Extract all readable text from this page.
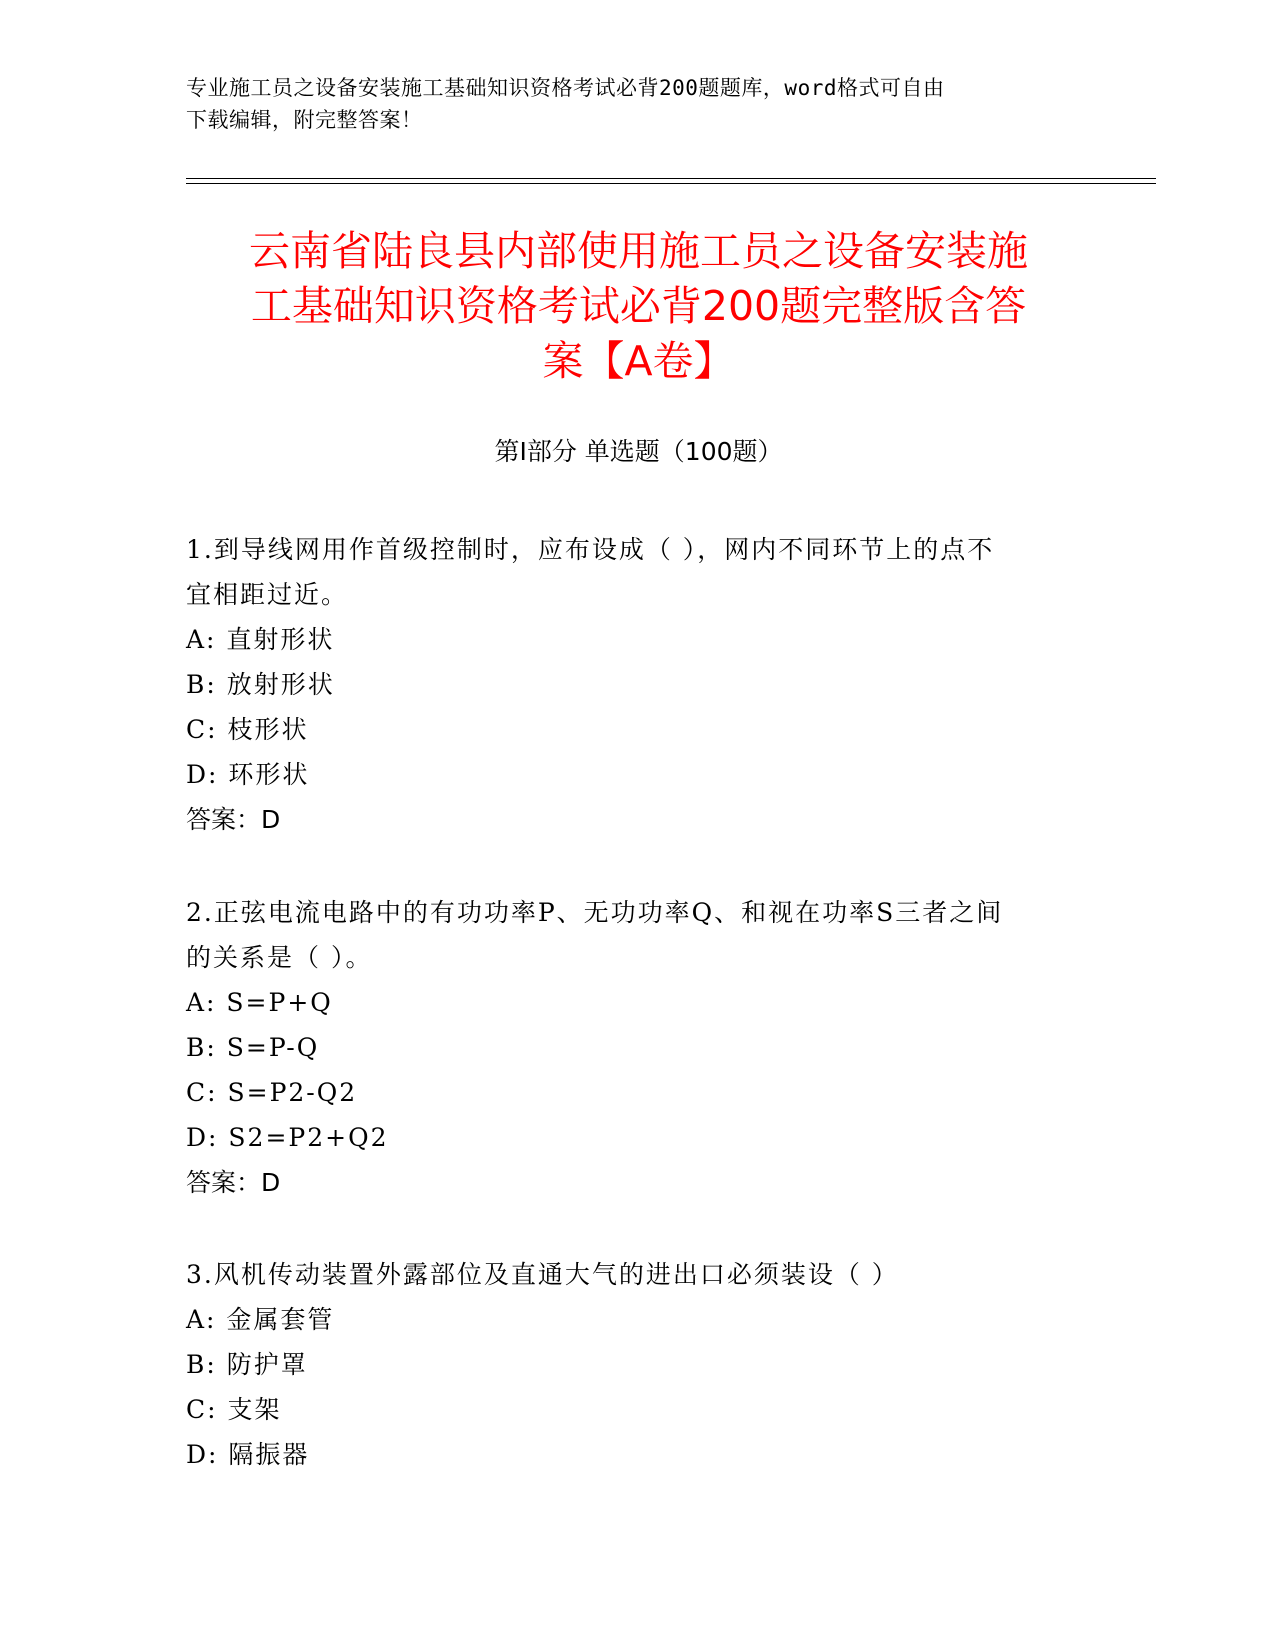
专业施工员之设备安装施工基础知识资格考试必背200题题库，word格式可自由
下载编辑，附完整答案！
云南省陆良县内部使用施工员之设备安装施
工基础知识资格考试必背200题完整版含答
案【A卷】
第I部分 单选题（100题）
1.到导线网用作首级控制时，应布设成（ ），网内不同环节上的点不
宜相距过近。
A: 直射形状
B: 放射形状
C: 枝形状
D: 环形状
答案：D
2.正弦电流电路中的有功功率P、无功功率Q、和视在功率S三者之间
的关系是（ ）。
A: S=P+Q
B: S=P-Q
C: S=P2-Q2
D: S2=P2+Q2
答案：D
3.风机传动装置外露部位及直通大气的进出口必须装设（ ）
A: 金属套管
B: 防护罩
C: 支架
D: 隔振器
